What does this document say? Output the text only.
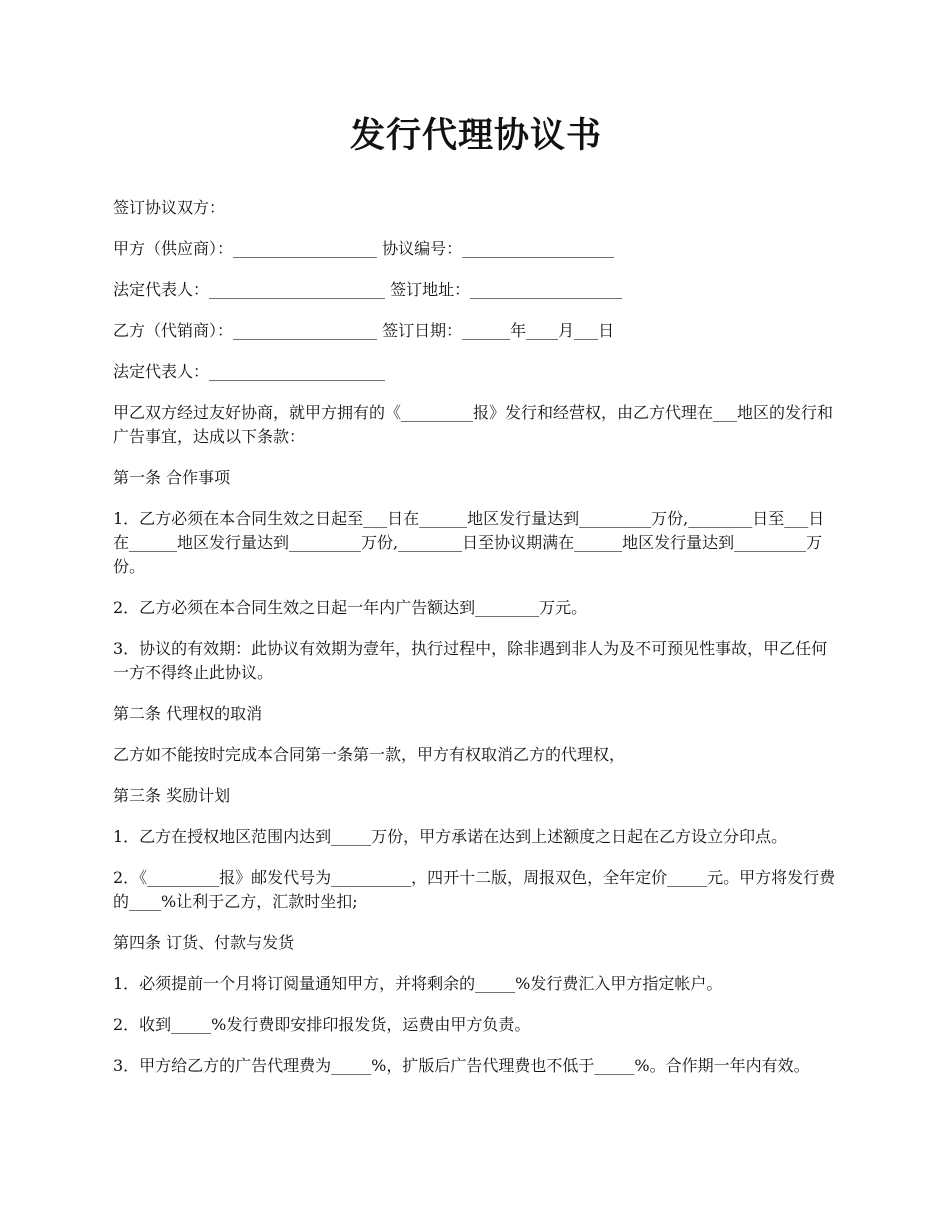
发行代理协议书

签订协议双方：

甲方（供应商）：__________________ 协议编号：___________________

法定代表人：______________________ 签订地址：___________________

乙方（代销商）：__________________ 签订日期：______年____月___日

法定代表人：______________________

甲乙双方经过友好协商，就甲方拥有的《_________报》发行和经营权，由乙方代理在___地区的发行和广告事宜，达成以下条款：

第一条 合作事项

1．乙方必须在本合同生效之日起至___日在______地区发行量达到_________万份,________日至___日在______地区发行量达到_________万份,________日至协议期满在______地区发行量达到_________万份。

2．乙方必须在本合同生效之日起一年内广告额达到________万元。

3．协议的有效期：此协议有效期为壹年，执行过程中，除非遇到非人为及不可预见性事故，甲乙任何一方不得终止此协议。

第二条 代理权的取消

乙方如不能按时完成本合同第一条第一款，甲方有权取消乙方的代理权，

第三条 奖励计划

1．乙方在授权地区范围内达到_____万份，甲方承诺在达到上述额度之日起在乙方设立分印点。

2．《_________报》邮发代号为__________，四开十二版，周报双色，全年定价_____元。甲方将发行费的____%让利于乙方，汇款时坐扣;

第四条 订货、付款与发货

1．必须提前一个月将订阅量通知甲方，并将剩余的_____%发行费汇入甲方指定帐户。

2．收到_____%发行费即安排印报发货，运费由甲方负责。

3．甲方给乙方的广告代理费为_____%，扩版后广告代理费也不低于_____%。合作期一年内有效。
